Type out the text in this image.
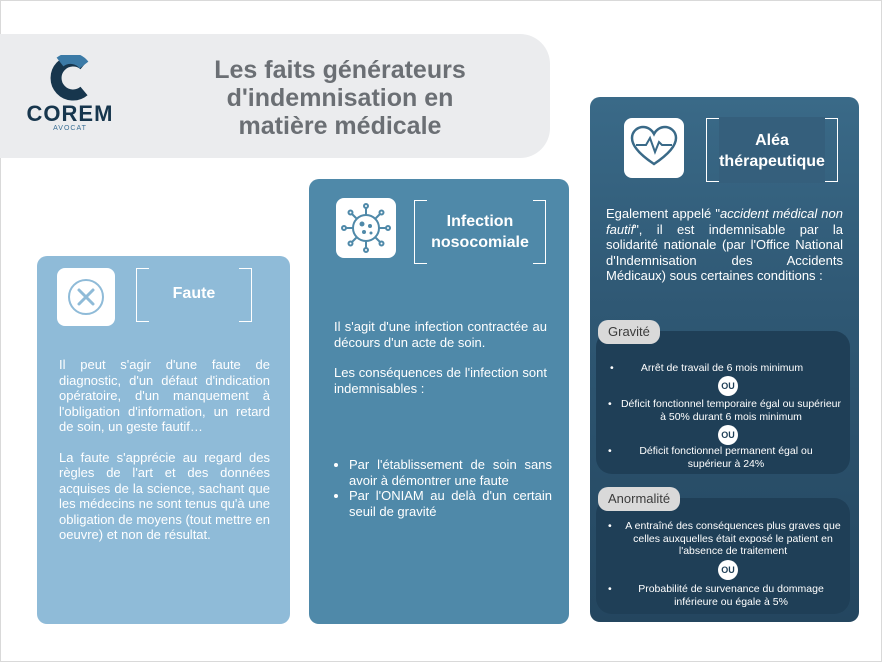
COREM
AVOCAT
Les faits générateurs
d'indemnisation en
matière médicale
Faute

Il peut s'agir d'une faute de diagnostic, d'un défaut d'indication opératoire, d'un manquement à l'obligation d'information, un retard de soin, un geste fautif…

La faute s'apprécie au regard des règles de l'art et des données acquises de la science, sachant que les médecins ne sont tenus qu'à une obligation de moyens (tout mettre en oeuvre) et non de résultat.

Infection
nosocomiale

Il s'agit d'une infection contractée au décours d'un acte de soin.

Les conséquences de l'infection sont indemnisables :

• Par l'établissement de soin sans avoir à démontrer une faute
• Par l'ONIAM au delà d'un certain seuil de gravité
Aléa
thérapeutique
Egalement appelé "accident médical non fautif", il est indemnisable par la solidarité nationale (par l'Office National d'Indemnisation des Accidents Médicaux) sous certaines conditions :
Gravité
•	Arrêt de travail de 6 mois minimum
OU
• Déficit fonctionnel temporaire égal ou supérieur à 50% durant 6 mois minimum
OU
•	Déficit fonctionnel permanent égal ou supérieur à 24%
Anormalité
• A entraîné des conséquences plus graves que celles auxquelles était exposé le patient en l'absence de traitement
OU
•	Probabilité de survenance du dommage inférieure ou égale à 5%
